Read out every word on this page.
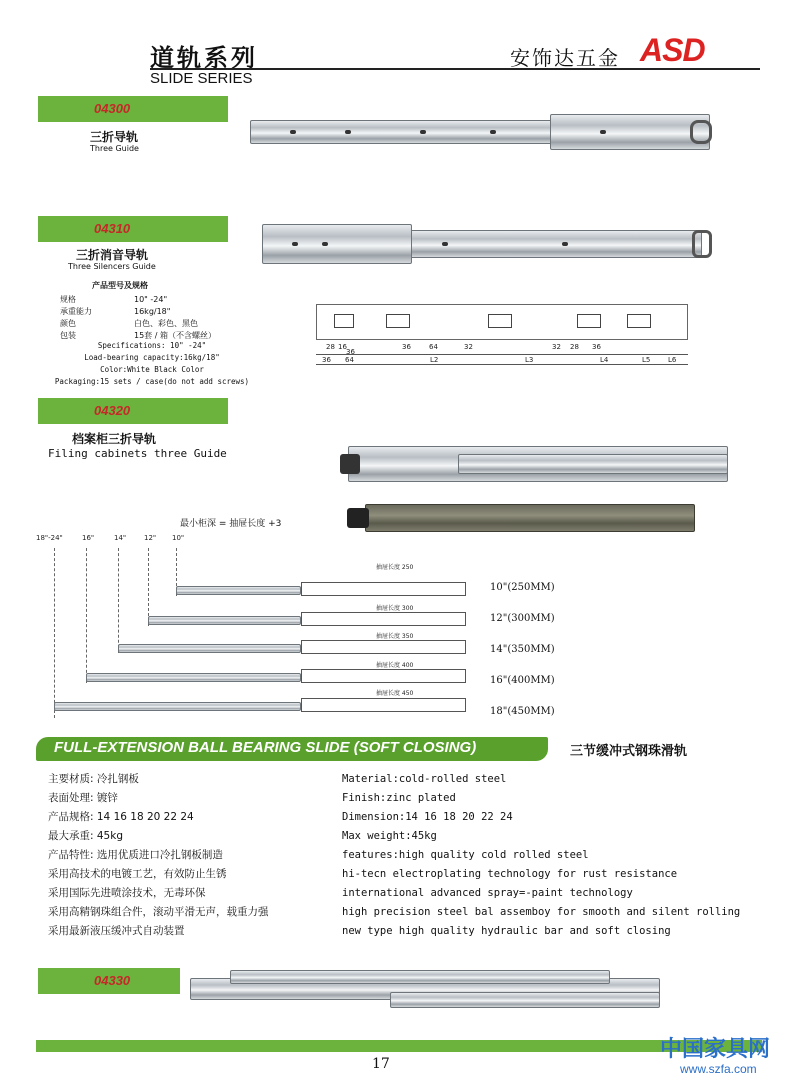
道轨系列
SLIDE SERIES
安饰达五金 ASD
04300
三折导轨
Three Guide
04310
三折消音导轨
Three Silencers Guide
产品型号及规格
规格	10" -24"
承重能力	16kg/18"
颜色	白色、彩色、黑色
包装	15套 / 箱（不含螺丝）
Specifications: 10" -24"
Load-bearing capacity:16kg/18"
Color:White Black Color
Packaging:15 sets / case(do not add screws)
28 16
36
36 64
36	64	32	32 28 36
L2	L3	L4	L5	L6
04320
档案柜三折导轨
Filing cabinets three Guide
最小柜深 = 抽屉长度 +3
18"-24"	16"	14"	12" 10"
抽屉长度 250
抽屉长度 300
抽屉长度 350
抽屉长度 400
抽屉长度 450
10"(250MM)
12"(300MM)
14"(350MM)
16"(400MM)
18"(450MM)
FULL-EXTENSION BALL BEARING SLIDE (SOFT CLOSING)	三节缓冲式钢珠滑轨
主要材质: 冷扎钢板
表面处理: 镀锌
产品规格: 14 16 18 20 22 24
最大承重: 45kg
产品特性: 选用优质进口冷扎钢板制造
采用高技术的电镀工艺，有效防止生锈
采用国际先进喷涂技术，无毒环保
采用高精钢珠组合件，滚动平滑无声，载重力强
采用最新液压缓冲式自动装置
Material:cold-rolled steel
Finish:zinc plated
Dimension:14 16 18 20 22 24
Max weight:45kg
features:high quality cold rolled steel
hi-tecn electroplating technology for rust resistance
international advanced spray=-paint technology
high precision steel bal assemboy for smooth and silent rolling
new type high quality hydraulic bar and soft closing
04330
17
中国家具网
www.szfa.com
